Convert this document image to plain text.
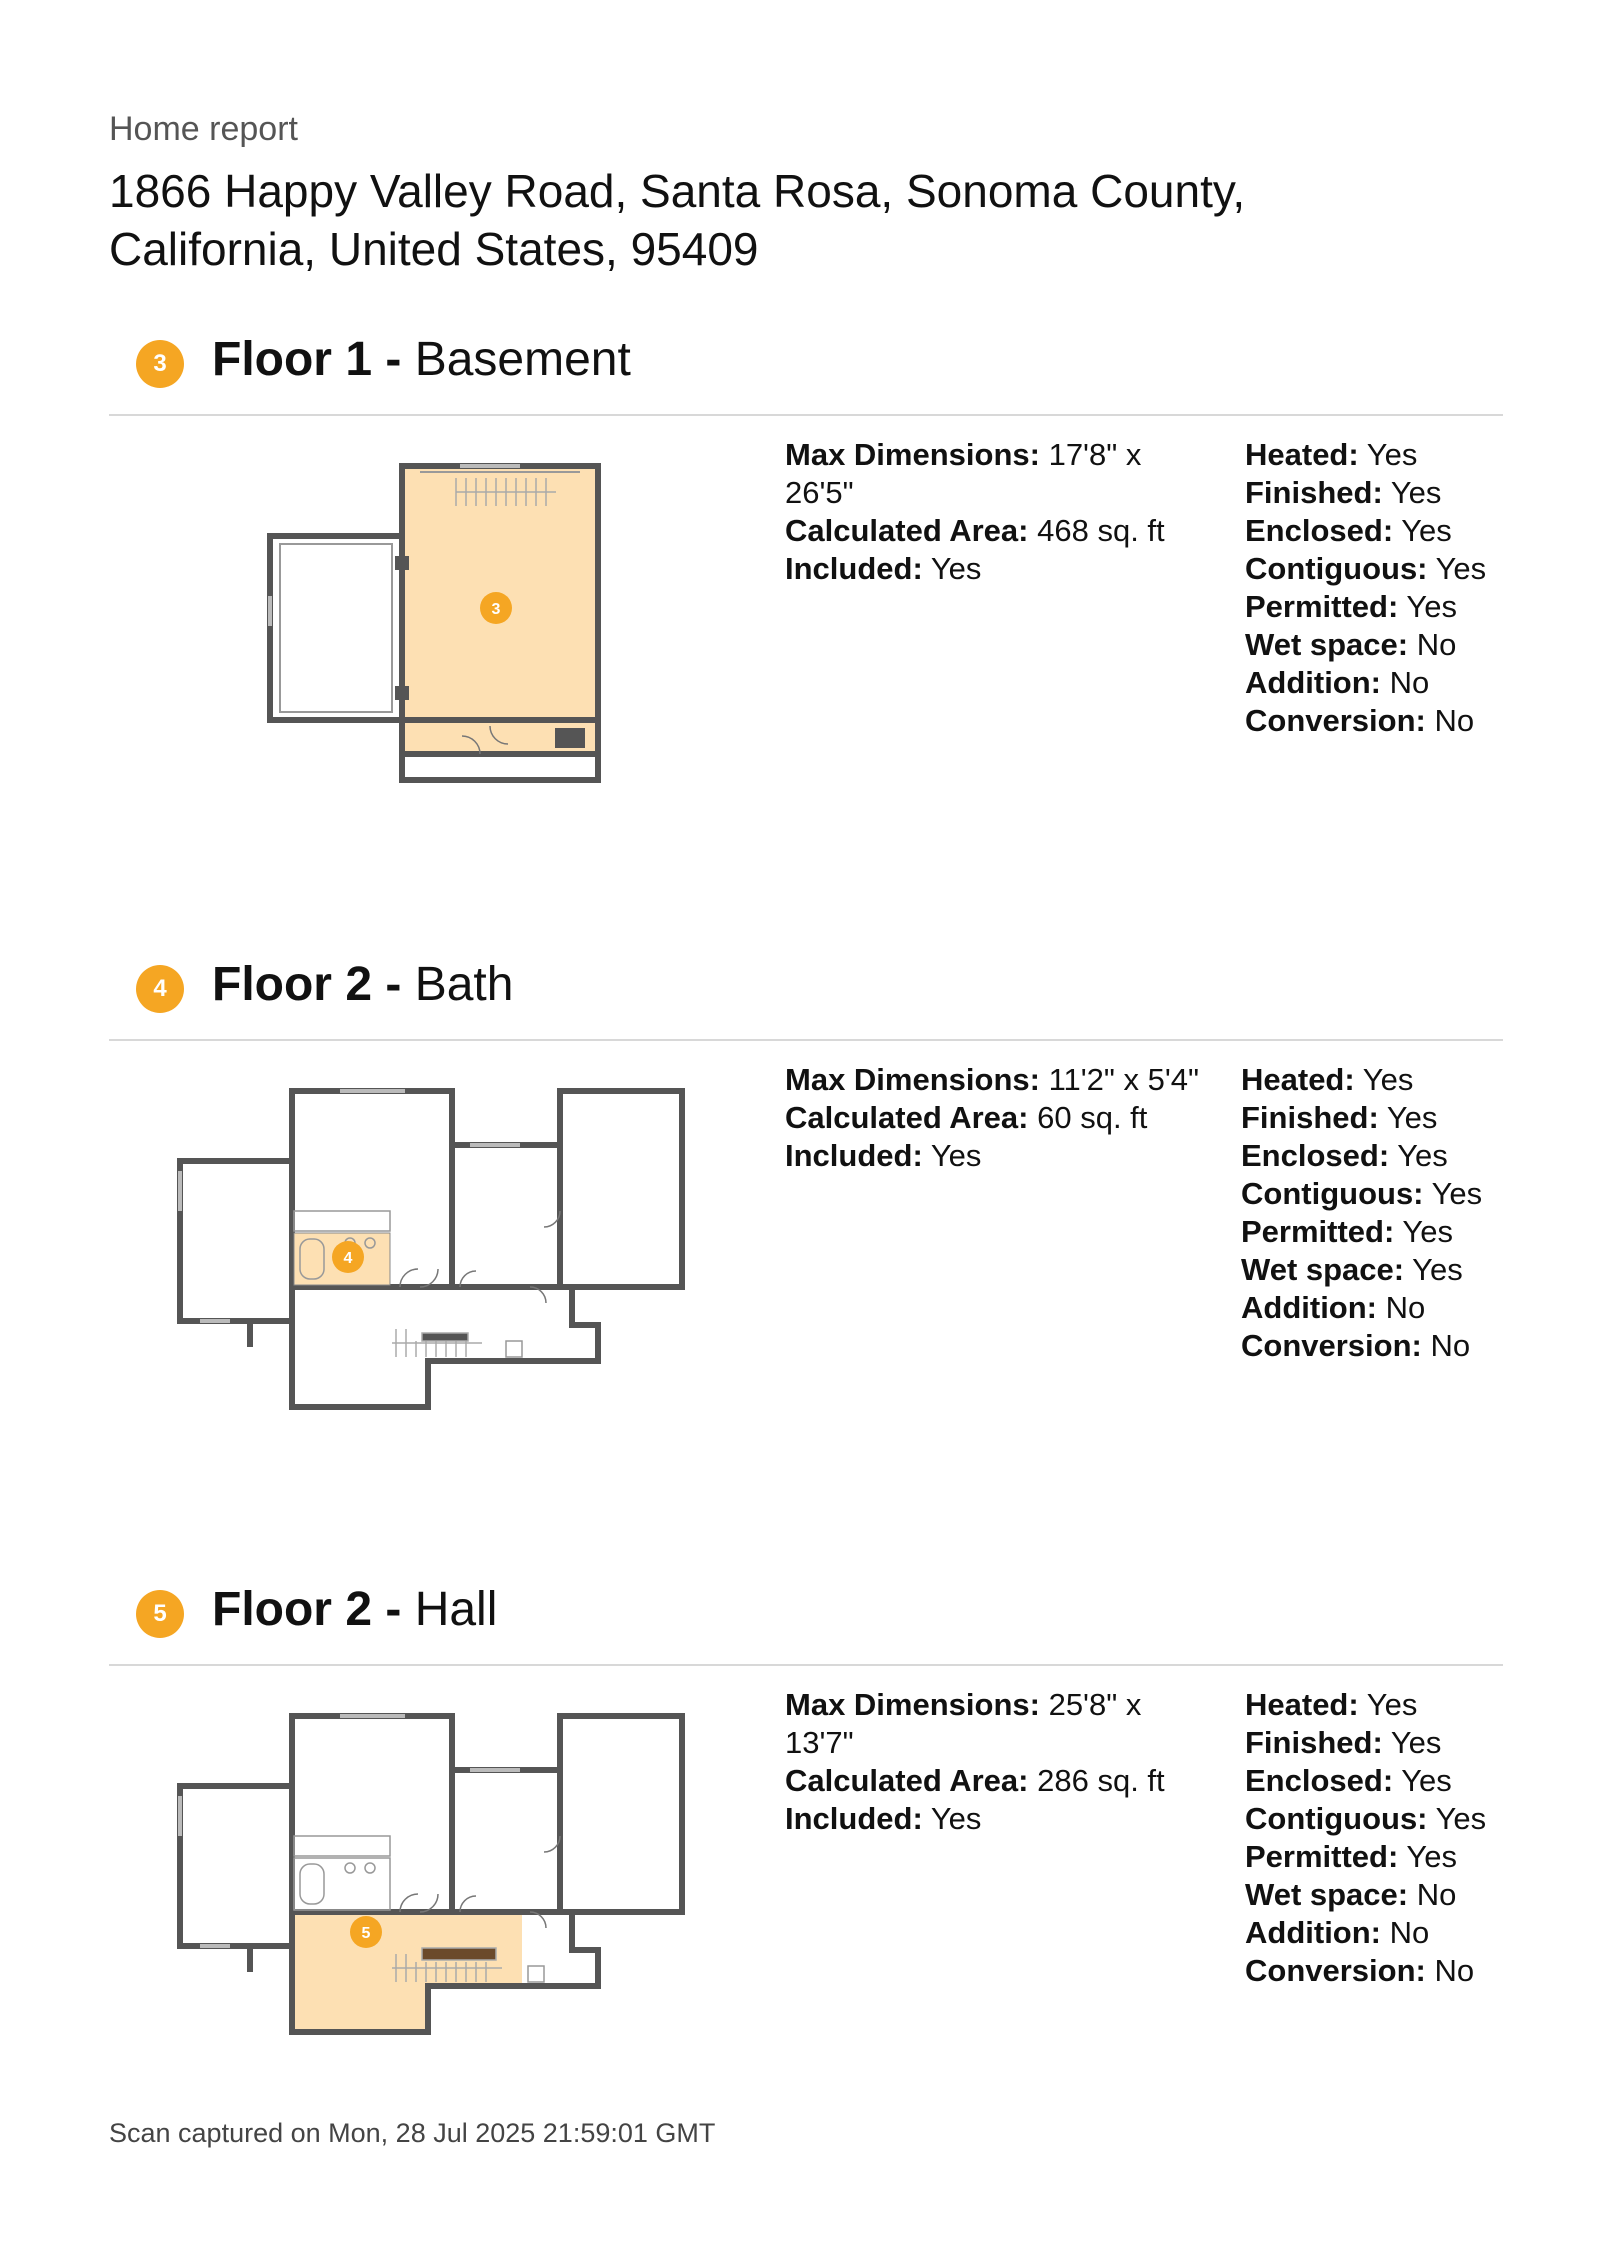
Home report
1866 Happy Valley Road, Santa Rosa, Sonoma County, California, United States, 95409
3 Floor 1 - Basement
3
Max Dimensions: 17'8" x 26'5"
Calculated Area: 468 sq. ft
Included: Yes
Heated: Yes
Finished: Yes
Enclosed: Yes
Contiguous: Yes
Permitted: Yes
Wet space: No
Addition: No
Conversion: No
4 Floor 2 - Bath
4
Max Dimensions: 11'2" x 5'4"
Calculated Area: 60 sq. ft
Included: Yes
Heated: Yes
Finished: Yes
Enclosed: Yes
Contiguous: Yes
Permitted: Yes
Wet space: Yes
Addition: No
Conversion: No
5 Floor 2 - Hall
5
Max Dimensions: 25'8" x 13'7"
Calculated Area: 286 sq. ft
Included: Yes
Heated: Yes
Finished: Yes
Enclosed: Yes
Contiguous: Yes
Permitted: Yes
Wet space: No
Addition: No
Conversion: No
Scan captured on Mon, 28 Jul 2025 21:59:01 GMT
